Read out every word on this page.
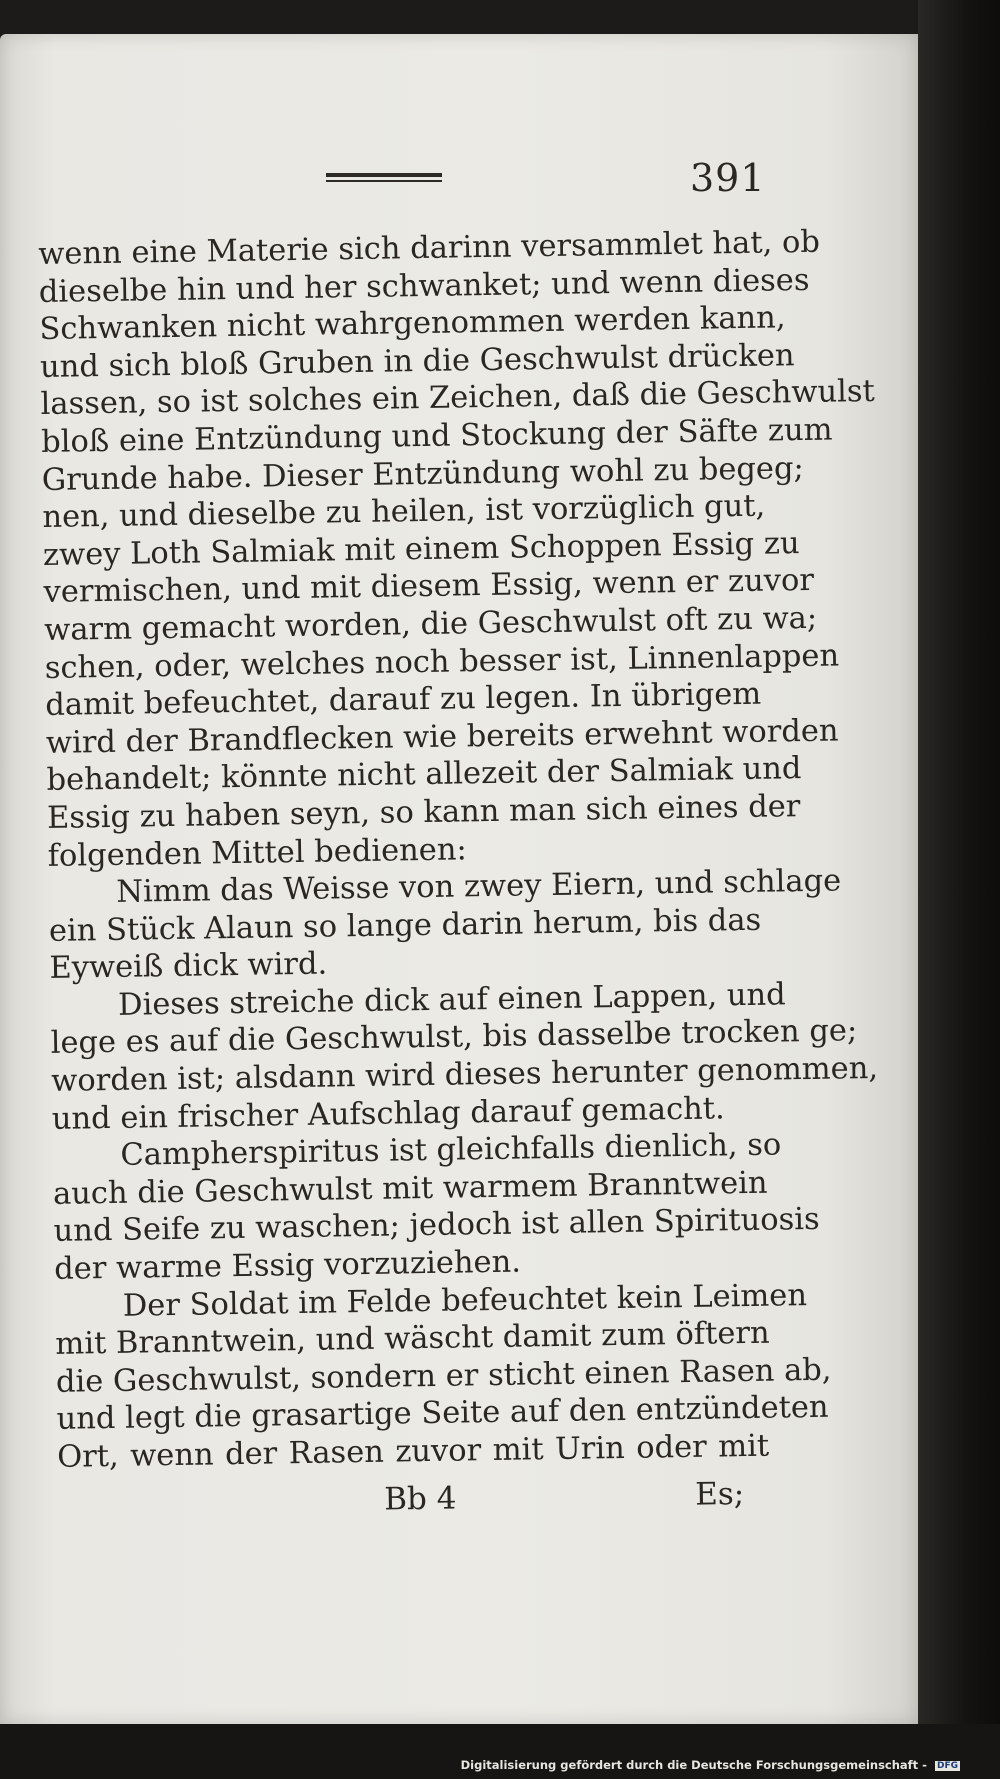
391
wenn eine Materie sich darinn versammlet hat, ob
dieselbe hin und her schwanket; und wenn dieses
Schwanken nicht wahrgenommen werden kann,
und sich bloß Gruben in die Geschwulst drücken
lassen, so ist solches ein Zeichen, daß die Geschwulst
bloß eine Entzündung und Stockung der Säfte zum
Grunde habe. Dieser Entzündung wohl zu begeg;
nen, und dieselbe zu heilen, ist vorzüglich gut,
zwey Loth Salmiak mit einem Schoppen Essig zu
vermischen, und mit diesem Essig, wenn er zuvor
warm gemacht worden, die Geschwulst oft zu wa;
schen, oder, welches noch besser ist, Linnenlappen
damit befeuchtet, darauf zu legen. In übrigem
wird der Brandflecken wie bereits erwehnt worden
behandelt; könnte nicht allezeit der Salmiak und
Essig zu haben seyn, so kann man sich eines der
folgenden Mittel bedienen:
Nimm das Weisse von zwey Eiern, und schlage
ein Stück Alaun so lange darin herum, bis das
Eyweiß dick wird.
Dieses streiche dick auf einen Lappen, und
lege es auf die Geschwulst, bis dasselbe trocken ge;
worden ist; alsdann wird dieses herunter genommen,
und ein frischer Aufschlag darauf gemacht.
Campherspiritus ist gleichfalls dienlich, so
auch die Geschwulst mit warmem Branntwein
und Seife zu waschen; jedoch ist allen Spirituosis
der warme Essig vorzuziehen.
Der Soldat im Felde befeuchtet kein Leimen
mit Branntwein, und wäscht damit zum öftern
die Geschwulst, sondern er sticht einen Rasen ab,
und legt die grasartige Seite auf den entzündeten
Ort, wenn der Rasen zuvor mit Urin oder mit
Bb 4	Es;
Digitalisierung gefördert durch die Deutsche Forschungsgemeinschaft - DFG
